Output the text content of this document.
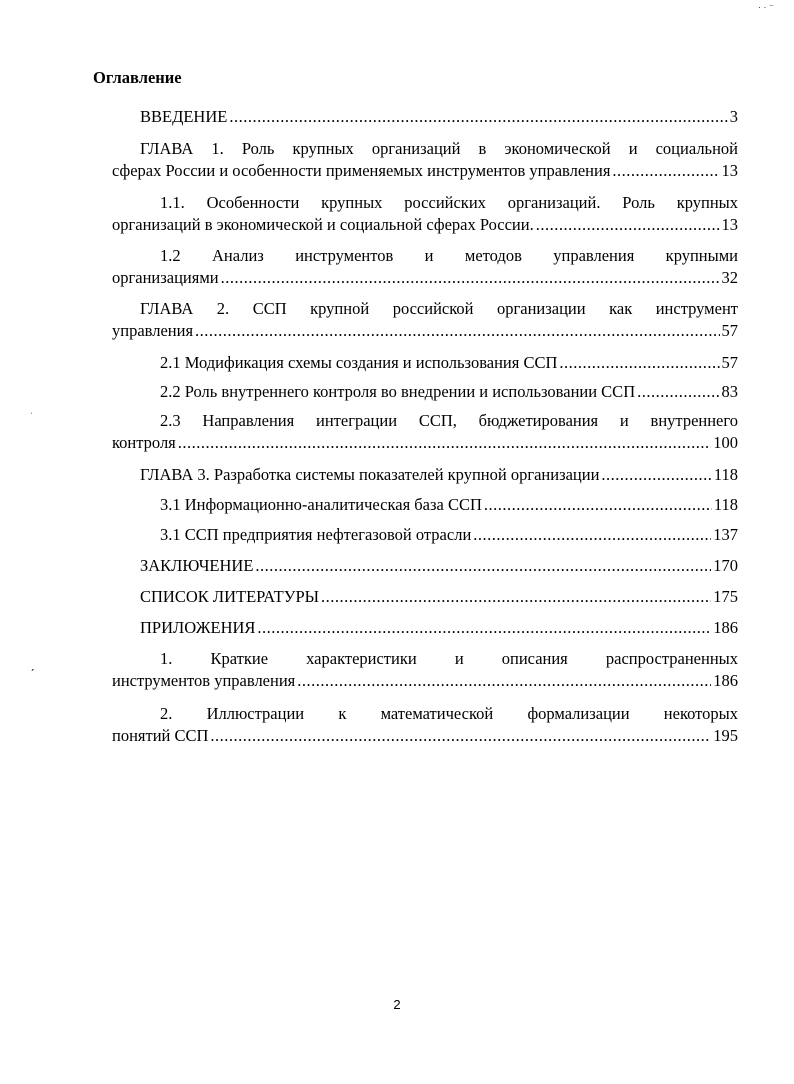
Оглавление
ВВЕДЕНИЕ .....	3
ГЛАВА 1. Роль крупных организаций в экономической и социальной
сферах России и особенности применяемых инструментов управления .....	13
1.1. Особенности крупных российских организаций. Роль крупных
организаций в экономической и социальной сферах России. .....	13
1.2 Анализ инструментов и методов управления крупными
организациями .....	32
ГЛАВА 2. ССП крупной российской организации как инструмент
управления .....	57
2.1 Модификация схемы создания и использования ССП .....	57
2.2 Роль внутреннего контроля во внедрении и использовании ССП .....	83
2.3 Направления интеграции ССП, бюджетирования и внутреннего
контроля .....	100
ГЛАВА 3. Разработка системы показателей крупной организации .....	118
3.1 Информационно-аналитическая база ССП .....	118
3.1 ССП предприятия нефтегазовой отрасли .....	137
ЗАКЛЮЧЕНИЕ .....	170
СПИСОК ЛИТЕРАТУРЫ .....	175
ПРИЛОЖЕНИЯ .....	186
1. Краткие характеристики и описания распространенных
инструментов управления .....	186
2. Иллюстрации к математической формализации некоторых
понятий ССП .....	195
2
· · ⁻
ˌ
ˏ
